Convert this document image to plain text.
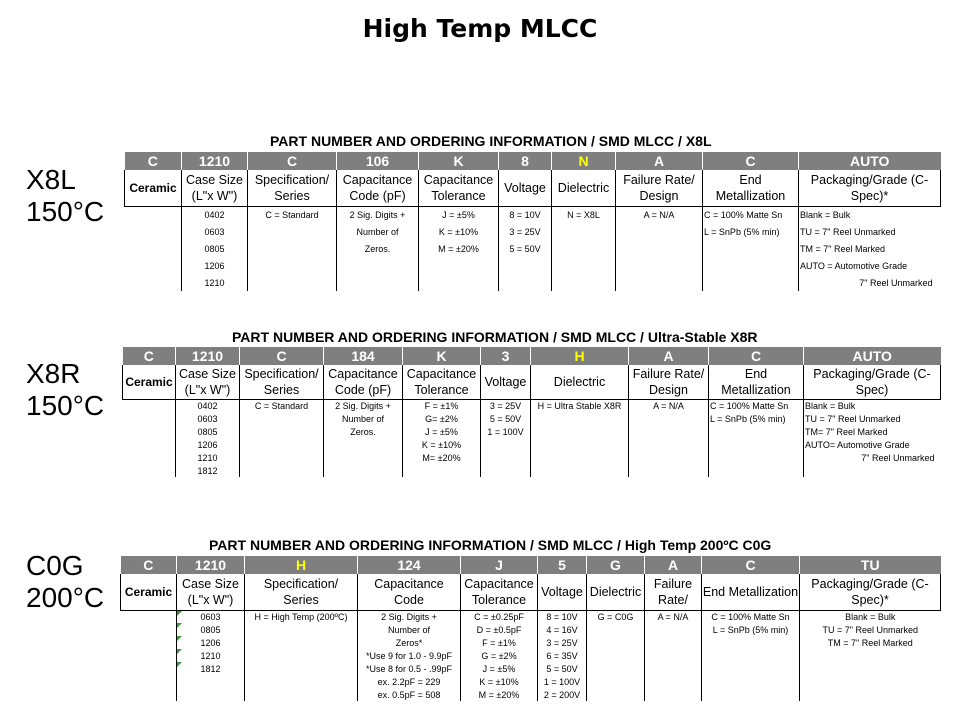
High Temp MLCC
X8L
150°C
PART NUMBER AND ORDERING INFORMATION / SMD MLCC / X8L
C	1210	C	106	K	8	N	A	C	AUTO
Ceramic	Case Size (L"x W")	Specification/ Series	Capacitance Code (pF)	Capacitance Tolerance	Voltage	Dielectric	Failure Rate/ Design	End Metallization	Packaging/Grade (C-Spec)*
	0402	C = Standard	2 Sig. Digits +	J = ±5%	8 = 10V	N = X8L	A = N/A	C = 100% Matte Sn	Blank = Bulk
	0603		Number of	K = ±10%	3 = 25V			L = SnPb (5% min)	TU = 7" Reel Unmarked
	0805		Zeros.	M = ±20%	5 = 50V				TM = 7" Reel Marked
	1206								AUTO = Automotive Grade
	1210								7" Reel Unmarked
X8R
150°C
PART NUMBER AND ORDERING INFORMATION / SMD MLCC / Ultra-Stable X8R
C	1210	C	184	K	3	H	A	C	AUTO
Ceramic	Case Size (L"x W")	Specification/ Series	Capacitance Code (pF)	Capacitance Tolerance	Voltage	Dielectric	Failure Rate/ Design	End Metallization	Packaging/Grade (C-Spec)
	0402	C = Standard	2 Sig. Digits +	F = ±1%	3 = 25V	H = Ultra Stable X8R	A = N/A	C = 100% Matte Sn	Blank = Bulk
	0603		Number of	G= ±2%	5 = 50V			L = SnPb (5% min)	TU = 7" Reel Unmarked
	0805		Zeros.	J = ±5%	1 = 100V				TM= 7" Reel Marked
	1206			K = ±10%					AUTO= Automotive Grade
	1210			M= ±20%					7" Reel Unmarked
	1812								
C0G
200°C
PART NUMBER AND ORDERING INFORMATION / SMD MLCC / High Temp 200ºC C0G
C	1210	H	124	J	5	G	A	C	TU
Ceramic	Case Size (L"x W")	Specification/ Series	Capacitance Code	Capacitance Tolerance	Voltage	Dielectric	Failure Rate/	End Metallization	Packaging/Grade (C-Spec)*
	0603	H = High Temp (200ºC)	2 Sig. Digits +	C = ±0.25pF	8 = 10V	G = C0G	A = N/A	C = 100% Matte Sn	Blank = Bulk
	0805		Number of	D = ±0.5pF	4 = 16V			L = SnPb (5% min)	TU = 7" Reel Unmarked
	1206		Zeros*	F = ±1%	3 = 25V				TM = 7" Reel Marked
	1210		*Use 9 for 1.0 - 9.9pF	G = ±2%	6 = 35V				
	1812		*Use 8 for 0.5 - .99pF	J = ±5%	5 = 50V				
			ex. 2.2pF = 229	K = ±10%	1 = 100V				
			ex. 0.5pF = 508	M = ±20%	2 = 200V				
